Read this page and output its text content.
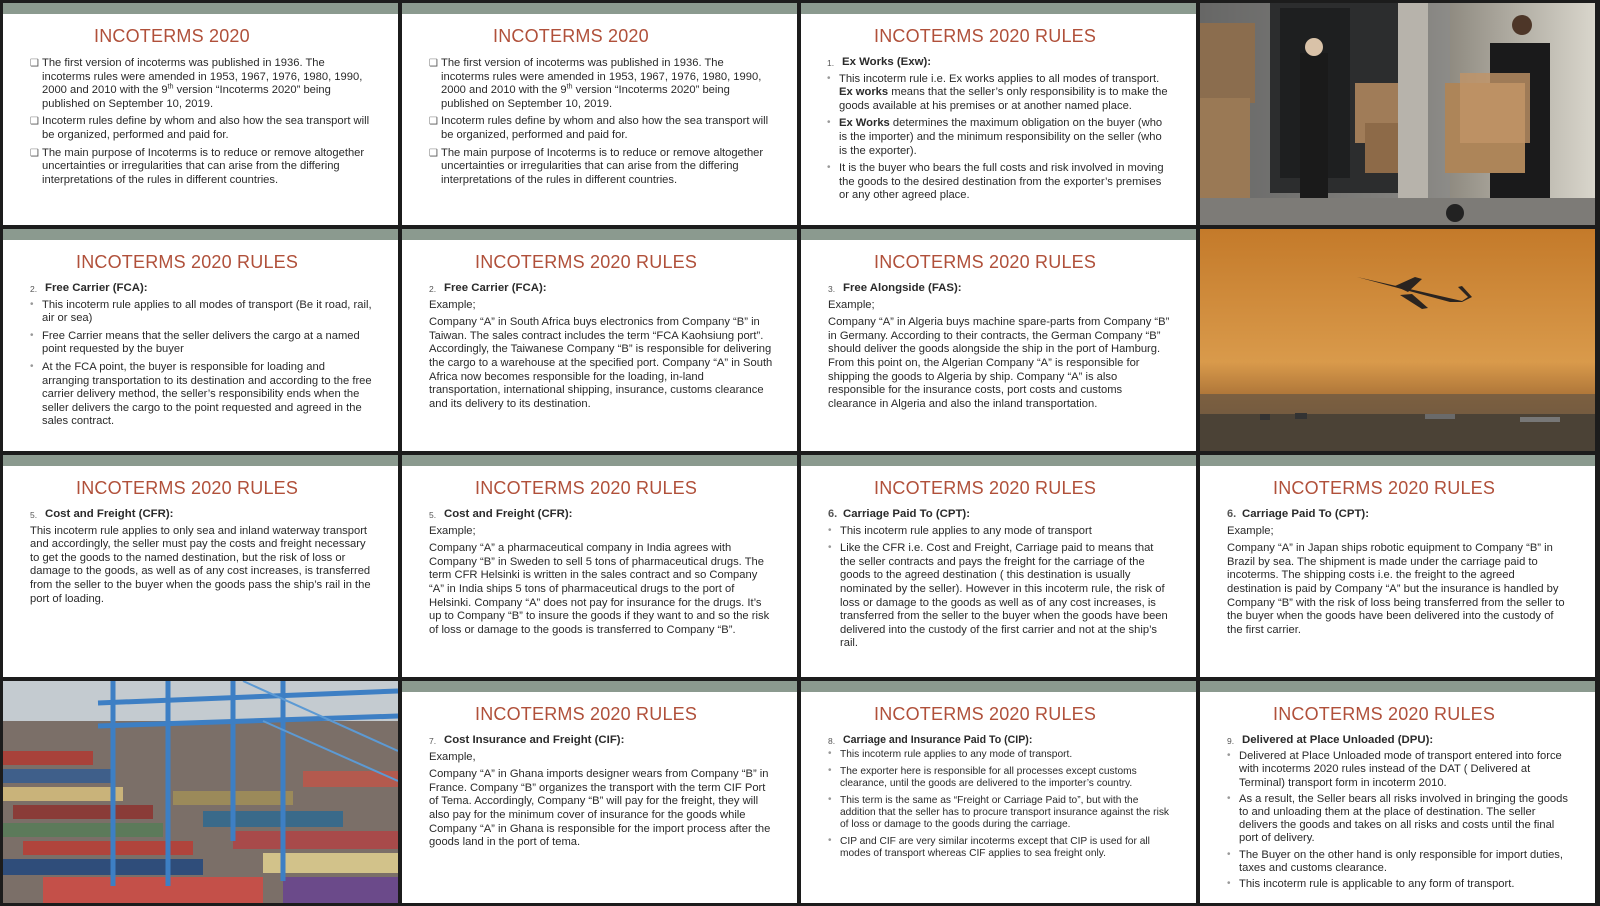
INCOTERMS 2020
❑ The first version of incoterms was published in 1936. The incoterms rules were amended in 1953, 1967, 1976, 1980, 1990, 2000 and 2010 with the 9th version “Incoterms 2020” being published on September 10, 2019.
❑ Incoterm rules define by whom and also how the sea transport will be organized, performed and paid for.
❑ The main purpose of Incoterms is to reduce or remove altogether uncertainties or irregularities that can arise from the differing interpretations of the rules in different countries.
INCOTERMS 2020
❑ The first version of incoterms was published in 1936. The incoterms rules were amended in 1953, 1967, 1976, 1980, 1990, 2000 and 2010 with the 9th version “Incoterms 2020” being published on September 10, 2019.
❑ Incoterm rules define by whom and also how the sea transport will be organized, performed and paid for.
❑ The main purpose of Incoterms is to reduce or remove altogether uncertainties or irregularities that can arise from the differing interpretations of the rules in different countries.
INCOTERMS 2020 RULES
1. Ex Works (Exw):
• This incoterm rule i.e. Ex works applies to all modes of transport. Ex works means that the seller’s only responsibility is to make the goods available at his premises or at another named place.
• Ex Works determines the maximum obligation on the buyer (who is the importer) and the minimum responsibility on the seller (who is the exporter).
• It is the buyer who bears the full costs and risk involved in moving the goods to the desired destination from the exporter’s premises or any other agreed place.
INCOTERMS 2020 RULES
2. Free Carrier (FCA):
• This incoterm rule applies to all modes of transport (Be it road, rail, air or sea)
• Free Carrier means that the seller delivers the cargo at a named point requested by the buyer
• At the FCA point, the buyer is responsible for loading and arranging transportation to its destination and according to the free carrier delivery method, the seller’s responsibility ends when the seller delivers the cargo to the point requested and agreed in the sales contract.
INCOTERMS 2020 RULES
2. Free Carrier (FCA):

Example;

Company “A” in South Africa buys electronics from Company “B” in Taiwan. The sales contract includes the term “FCA Kaohsiung port”. Accordingly, the Taiwanese Company “B” is responsible for delivering the cargo to a warehouse at the specified port. Company “A” in South Africa now becomes responsible for the loading, in-land transportation, international shipping, insurance, customs clearance and its delivery to its destination.

INCOTERMS 2020 RULES
3. Free Alongside (FAS):

Example;

Company “A” in Algeria buys machine spare-parts from Company “B” in Germany. According to their contracts, the German Company “B” should deliver the goods alongside the ship in the port of Hamburg. From this point on, the Algerian Company “A” is responsible for shipping the goods to Algeria by ship. Company “A” is also responsible for the insurance costs, port costs and customs clearance in Algeria and also the inland transportation.

INCOTERMS 2020 RULES
5. Cost and Freight (CFR):

This incoterm rule applies to only sea and inland waterway transport and accordingly, the seller must pay the costs and freight necessary to get the goods to the named destination, but the risk of loss or damage to the goods, as well as of any cost increases, is transferred from the seller to the buyer when the goods pass the ship’s rail in the port of loading.

INCOTERMS 2020 RULES
5. Cost and Freight (CFR):

Example;

Company “A” a pharmaceutical company in India agrees with Company “B” in Sweden to sell 5 tons of pharmaceutical drugs. The term CFR Helsinki is written in the sales contract and so Company “A” in India ships 5 tons of pharmaceutical drugs to the port of Helsinki. Company “A” does not pay for insurance for the drugs. It’s up to Company “B” to insure the goods if they want to and so the risk of loss or damage to the goods is transferred to Company “B”.

INCOTERMS 2020 RULES
6. Carriage Paid To (CPT):
• This incoterm rule applies to any mode of transport
• Like the CFR i.e. Cost and Freight, Carriage paid to means that the seller contracts and pays the freight for the carriage of the goods to the agreed destination ( this destination is usually nominated by the seller). However in this incoterm rule, the risk of loss or damage to the goods as well as of any cost increases, is transferred from the seller to the buyer when the goods have been delivered into the custody of the first carrier and not at the ship’s rail.
INCOTERMS 2020 RULES
6. Carriage Paid To (CPT):

Example;

Company “A” in Japan ships robotic equipment to Company “B” in Brazil by sea. The shipment is made under the carriage paid to incoterms. The shipping costs i.e. the freight to the agreed destination is paid by Company “A” but the insurance is handled by Company “B” with the risk of loss being transferred from the seller to the buyer when the goods have been delivered into the custody of the first carrier.

INCOTERMS 2020 RULES
7. Cost Insurance and Freight (CIF):

Example,

Company “A” in Ghana imports designer wears from Company “B” in France. Company “B” organizes the transport with the term CIF Port of Tema. Accordingly, Company “B” will pay for the freight, they will also pay for the minimum cover of insurance for the goods while Company “A” in Ghana is responsible for the import process after the goods land in the port of tema.

INCOTERMS 2020 RULES
8. Carriage and Insurance Paid To (CIP):
• This incoterm rule applies to any mode of transport.
• The exporter here is responsible for all processes except customs clearance, until the goods are delivered to the importer’s country.
• This term is the same as “Freight or Carriage Paid to”, but with the addition that the seller has to procure transport insurance against the risk of loss or damage to the goods during the carriage.
• CIP and CIF are very similar incoterms except that CIP is used for all modes of transport whereas CIF applies to sea freight only.
INCOTERMS 2020 RULES
9. Delivered at Place Unloaded (DPU):
• Delivered at Place Unloaded mode of transport entered into force with incoterms 2020 rules instead of the DAT ( Delivered at Terminal) transport form in incoterm 2010.
• As a result, the Seller bears all risks involved in bringing the goods to and unloading them at the place of destination. The seller delivers the goods and takes on all risks and costs until the final port of delivery.
• The Buyer on the other hand is only responsible for import duties, taxes and customs clearance.
• This incoterm rule is applicable to any form of transport.
